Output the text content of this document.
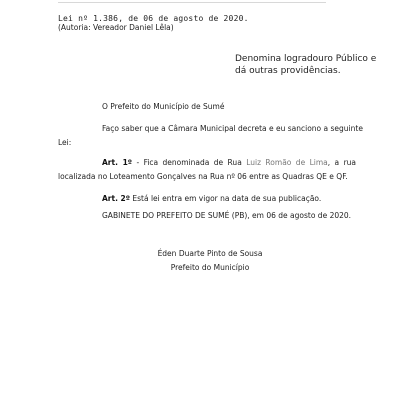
Lei nº 1.386, de 06 de agosto de 2020.

(Autoria: Vereador Daniel Lêla)

Denomina logradouro Público e

dá outras providências.

O Prefeito do Município de Sumé

Faço saber que a Câmara Municipal decreta e eu sanciono a seguinte

Lei:

Art. 1º - Fica denominada de Rua Luiz Romão de Lima, a rua

localizada no Loteamento Gonçalves na Rua nº 06 entre as Quadras QE e QF.

Art. 2º Está lei entra em vigor na data de sua publicação.

GABINETE DO PREFEITO DE SUMÉ (PB), em 06 de agosto de 2020.

Éden Duarte Pinto de Sousa

Prefeito do Município
